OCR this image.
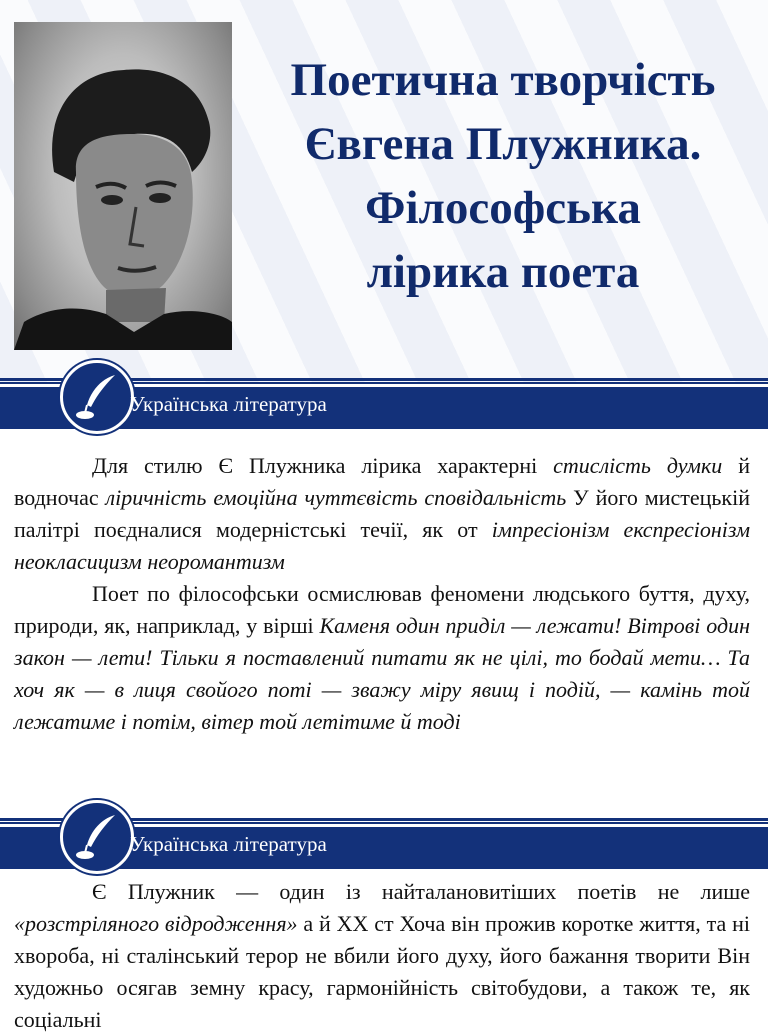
Поетична творчість
Євгена Плужника.
Філософська
лірика поета
Українська література

Для стилю Є Плужника лірика характерні стислість думки й водночас ліричність емоційна чуттєвість сповідальність У його мистецькій палітрі поєдналися модерністські течії, як от імпресіонізм експресіонізм неокласицизм неоромантизм

Поет по філософськи осмислював феномени людського буття, духу, природи, як, наприклад, у вірші Каменя один приділ — лежати! Вітрові один закон — лети! Тільки я поставлений питати як не цілі, то бодай мети… Та хоч як — в лиця свойого поті — зважу міру явищ і подій, — камінь той лежатиме і потім, вітер той летітиме й тоді

Українська література

Є Плужник — один із найталановитіших поетів не лише «розстріляного відродження» а й XX ст Хоча він прожив коротке життя, та ні хвороба, ні сталінський терор не вбили його духу, його бажання творити Він художньо осягав земну красу, гармонійність світобудови, а також те, як соціальні
